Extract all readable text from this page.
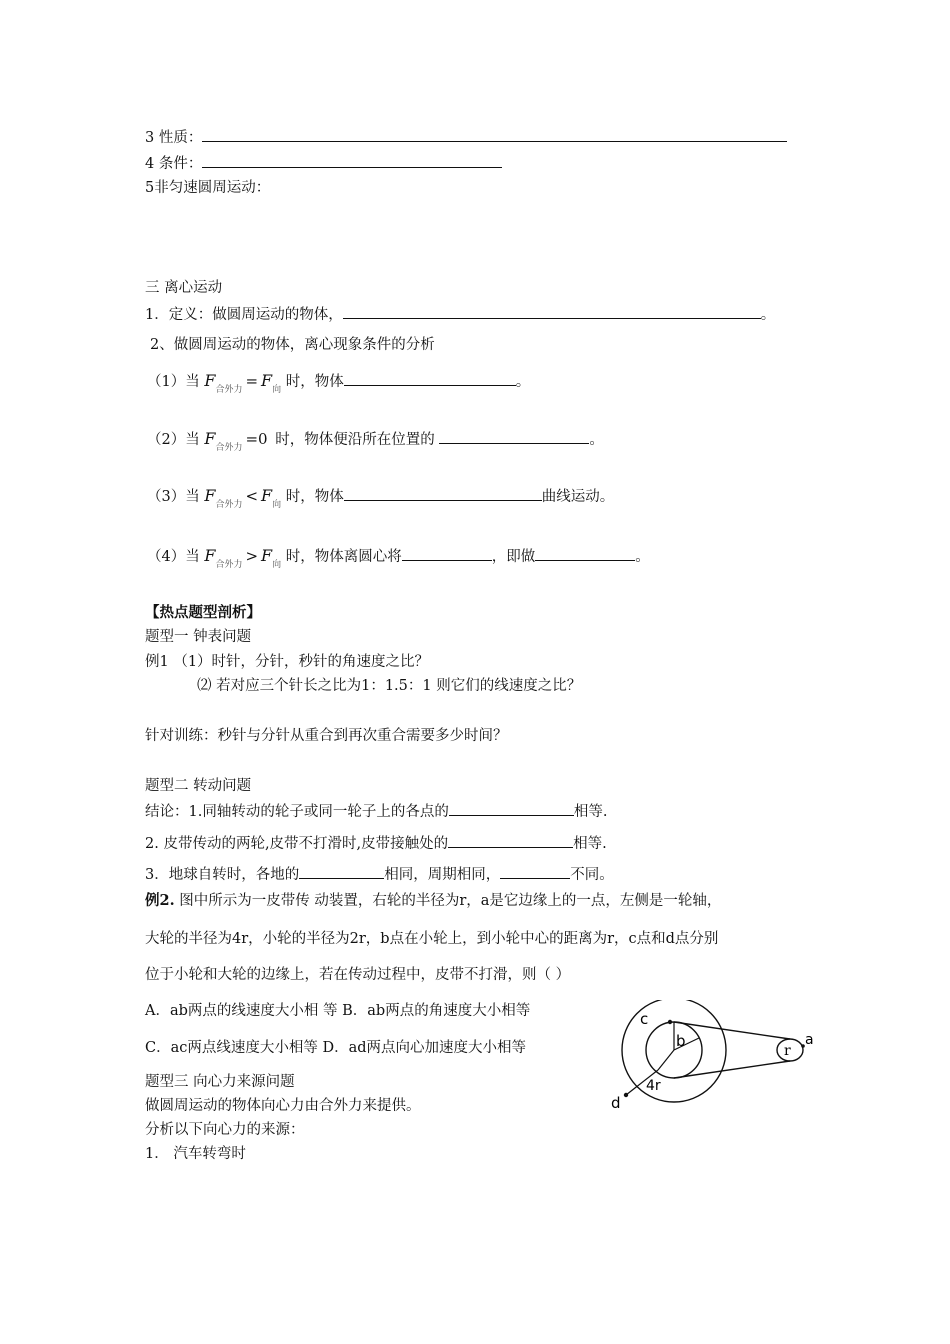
3 性质：
4 条件：
5非匀速圆周运动：
三 离心运动
1．定义：做圆周运动的物体，	。
2、做圆周运动的物体，离心现象条件的分析
（1）当 $F_{合外力} = F_向$ 时，物体	。
（2）当 $F_{合外力} =0$ 时，物体便沿所在位置的	。
（3）当 $F_{合外力} < F_向$ 时，物体	曲线运动。
（4）当 $F_{合外力} > F_向$ 时，物体离圆心将	，即做	。
【热点题型剖析】
题型一 钟表问题
例1 （1）时针，分针，秒针的角速度之比？
⑵ 若对应三个针长之比为1：1.5：1 则它们的线速度之比？
针对训练：秒针与分针从重合到再次重合需要多少时间？
题型二 转动问题
结论：1.同轴转动的轮子或同一轮子上的各点的	相等.
2. 皮带传动的两轮,皮带不打滑时,皮带接触处的	相等.
3．地球自转时，各地的	相同，周期相同，	不同。
例2. 图中所示为一皮带传 动装置，右轮的半径为r，a是它边缘上的一点，左侧是一轮轴，
大轮的半径为4r，小轮的半径为2r，b点在小轮上，到小轮中心的距离为r，c点和d点分别
位于小轮和大轮的边缘上，若在传动过程中，皮带不打滑，则（ ）
A．ab两点的线速度大小相 等 B．ab两点的角速度大小相等
C．ac两点线速度大小相等 D．ad两点向心加速度大小相等
题型三 向心力来源问题
做圆周运动的物体向心力由合外力来提供。
分析以下向心力的来源：
1． 汽车转弯时
c
b
d
4r
r
a
